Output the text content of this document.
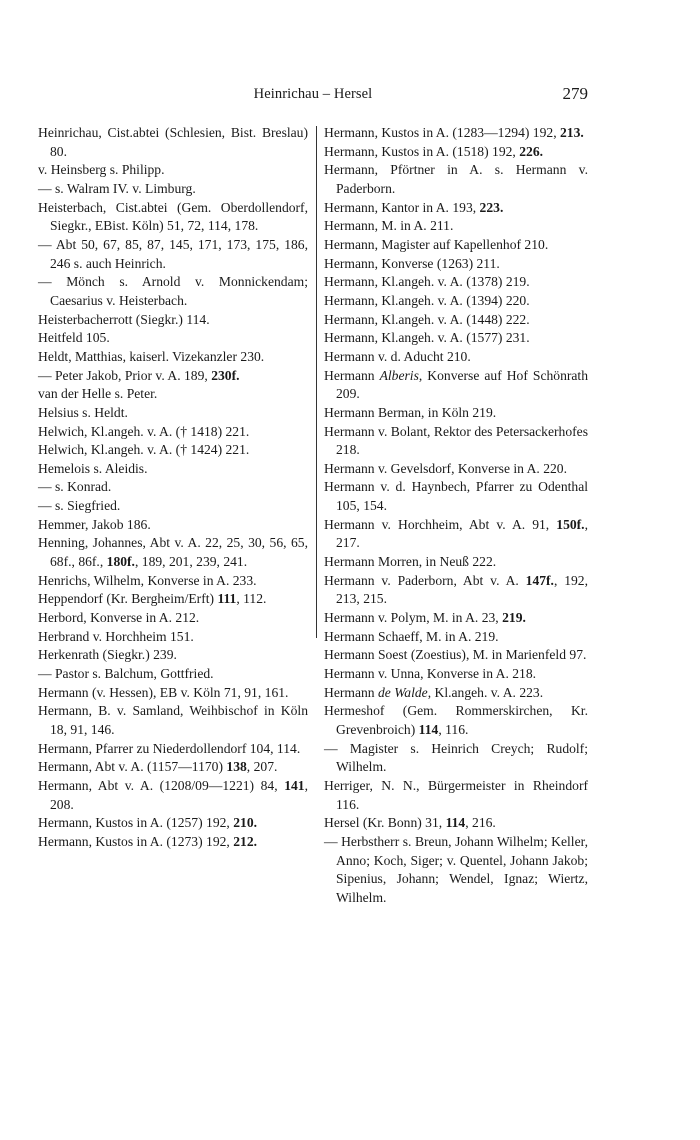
Heinrichau – Hersel	279

Heinrichau, Cist.abtei (Schlesien, Bist. Breslau) 80.

v. Heinsberg s. Philipp.

— s. Walram IV. v. Limburg.

Heisterbach, Cist.abtei (Gem. Oberdollendorf, Siegkr., EBist. Köln) 51, 72, 114, 178.

— Abt 50, 67, 85, 87, 145, 171, 173, 175, 186, 246 s. auch Heinrich.

— Mönch s. Arnold v. Monnickendam; Caesarius v. Heisterbach.

Heisterbacherrott (Siegkr.) 114.

Heitfeld 105.

Heldt, Matthias, kaiserl. Vizekanzler 230.

— Peter Jakob, Prior v. A. 189, 230f.

van der Helle s. Peter.

Helsius s. Heldt.

Helwich, Kl.angeh. v. A. († 1418) 221.

Helwich, Kl.angeh. v. A. († 1424) 221.

Hemelois s. Aleidis.

— s. Konrad.

— s. Siegfried.

Hemmer, Jakob 186.

Henning, Johannes, Abt v. A. 22, 25, 30, 56, 65, 68f., 86f., 180f., 189, 201, 239, 241.

Henrichs, Wilhelm, Konverse in A. 233.

Heppendorf (Kr. Bergheim/Erft) 111, 112.

Herbord, Konverse in A. 212.

Herbrand v. Horchheim 151.

Herkenrath (Siegkr.) 239.

— Pastor s. Balchum, Gottfried.

Hermann (v. Hessen), EB v. Köln 71, 91, 161.

Hermann, B. v. Samland, Weihbischof in Köln 18, 91, 146.

Hermann, Pfarrer zu Niederdollendorf 104, 114.

Hermann, Abt v. A. (1157—1170) 138, 207.

Hermann, Abt v. A. (1208/09—1221) 84, 141, 208.

Hermann, Kustos in A. (1257) 192, 210.

Hermann, Kustos in A. (1273) 192, 212.

Hermann, Kustos in A. (1283—1294) 192, 213.

Hermann, Kustos in A. (1518) 192, 226.

Hermann, Pförtner in A. s. Hermann v. Paderborn.

Hermann, Kantor in A. 193, 223.

Hermann, M. in A. 211.

Hermann, Magister auf Kapellenhof 210.

Hermann, Konverse (1263) 211.

Hermann, Kl.angeh. v. A. (1378) 219.

Hermann, Kl.angeh. v. A. (1394) 220.

Hermann, Kl.angeh. v. A. (1448) 222.

Hermann, Kl.angeh. v. A. (1577) 231.

Hermann v. d. Aducht 210.

Hermann Alberis, Konverse auf Hof Schönrath 209.

Hermann Berman, in Köln 219.

Hermann v. Bolant, Rektor des Petersackerhofes 218.

Hermann v. Gevelsdorf, Konverse in A. 220.

Hermann v. d. Haynbech, Pfarrer zu Odenthal 105, 154.

Hermann v. Horchheim, Abt v. A. 91, 150f., 217.

Hermann Morren, in Neuß 222.

Hermann v. Paderborn, Abt v. A. 147f., 192, 213, 215.

Hermann v. Polym, M. in A. 23, 219.

Hermann Schaeff, M. in A. 219.

Hermann Soest (Zoestius), M. in Marienfeld 97.

Hermann v. Unna, Konverse in A. 218.

Hermann de Walde, Kl.angeh. v. A. 223.

Hermeshof (Gem. Rommerskirchen, Kr. Grevenbroich) 114, 116.

— Magister s. Heinrich Creych; Rudolf; Wilhelm.

Herriger, N. N., Bürgermeister in Rheindorf 116.

Hersel (Kr. Bonn) 31, 114, 216.

— Herbstherr s. Breun, Johann Wilhelm; Keller, Anno; Koch, Siger; v. Quentel, Johann Jakob; Sipenius, Johann; Wendel, Ignaz; Wiertz, Wilhelm.
